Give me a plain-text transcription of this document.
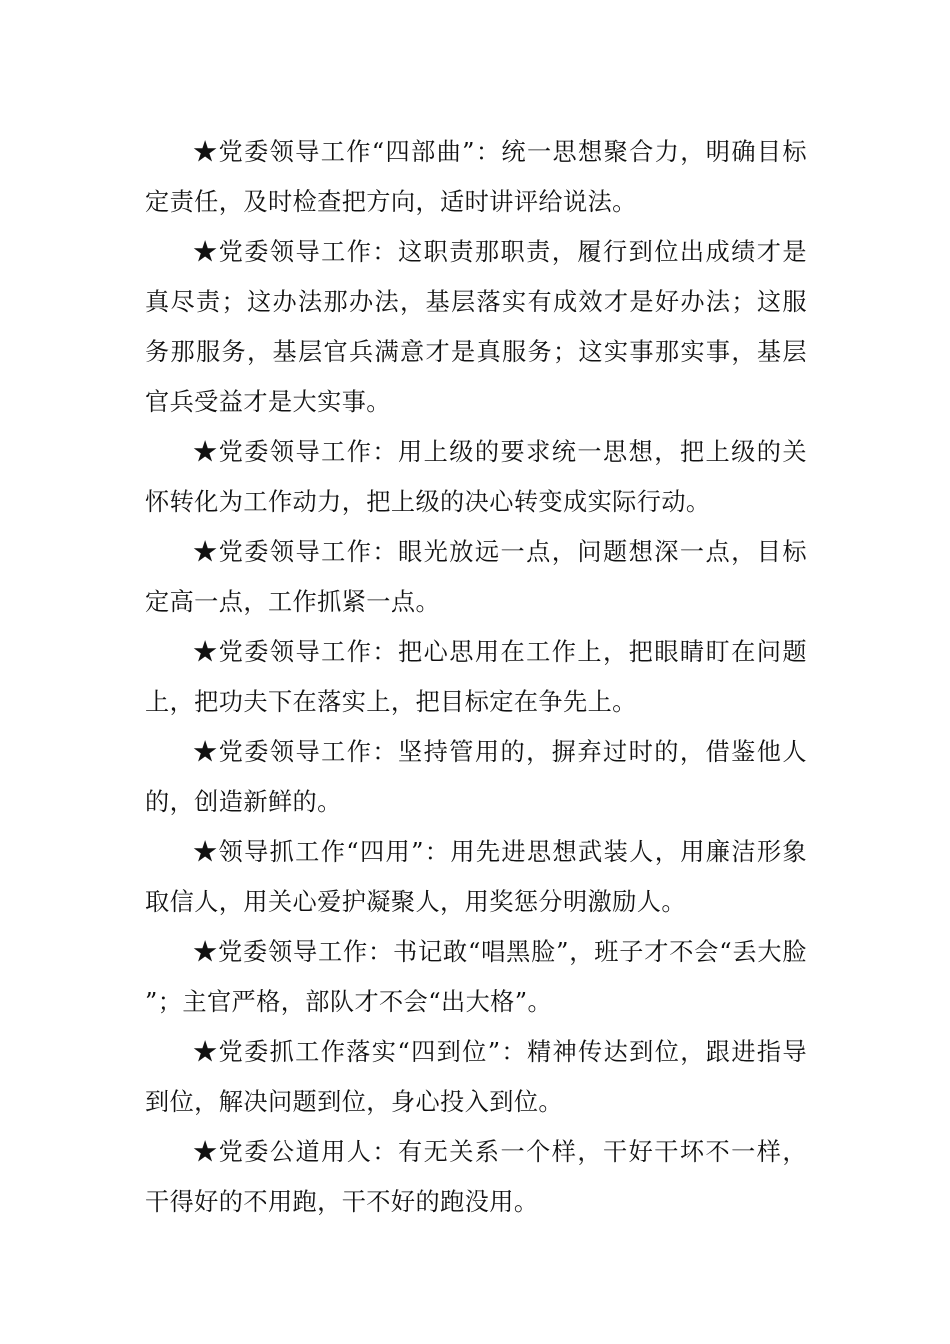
★党委领导工作“四部曲”：统一思想聚合力，明确目标定责任，及时检查把方向，适时讲评给说法。

★党委领导工作：这职责那职责，履行到位出成绩才是真尽责；这办法那办法，基层落实有成效才是好办法；这服务那服务，基层官兵满意才是真服务；这实事那实事，基层官兵受益才是大实事。

★党委领导工作：用上级的要求统一思想，把上级的关怀转化为工作动力，把上级的决心转变成实际行动。

★党委领导工作：眼光放远一点，问题想深一点，目标定高一点，工作抓紧一点。

★党委领导工作：把心思用在工作上，把眼睛盯在问题上，把功夫下在落实上，把目标定在争先上。

★党委领导工作：坚持管用的，摒弃过时的，借鉴他人的，创造新鲜的。

★领导抓工作“四用”：用先进思想武装人，用廉洁形象取信人，用关心爱护凝聚人，用奖惩分明激励人。

★党委领导工作：书记敢“唱黑脸”，班子才不会“丢大脸”；主官严格，部队才不会“出大格”。

★党委抓工作落实“四到位”：精神传达到位，跟进指导到位，解决问题到位，身心投入到位。

★党委公道用人：有无关系一个样，干好干坏不一样，干得好的不用跑，干不好的跑没用。
